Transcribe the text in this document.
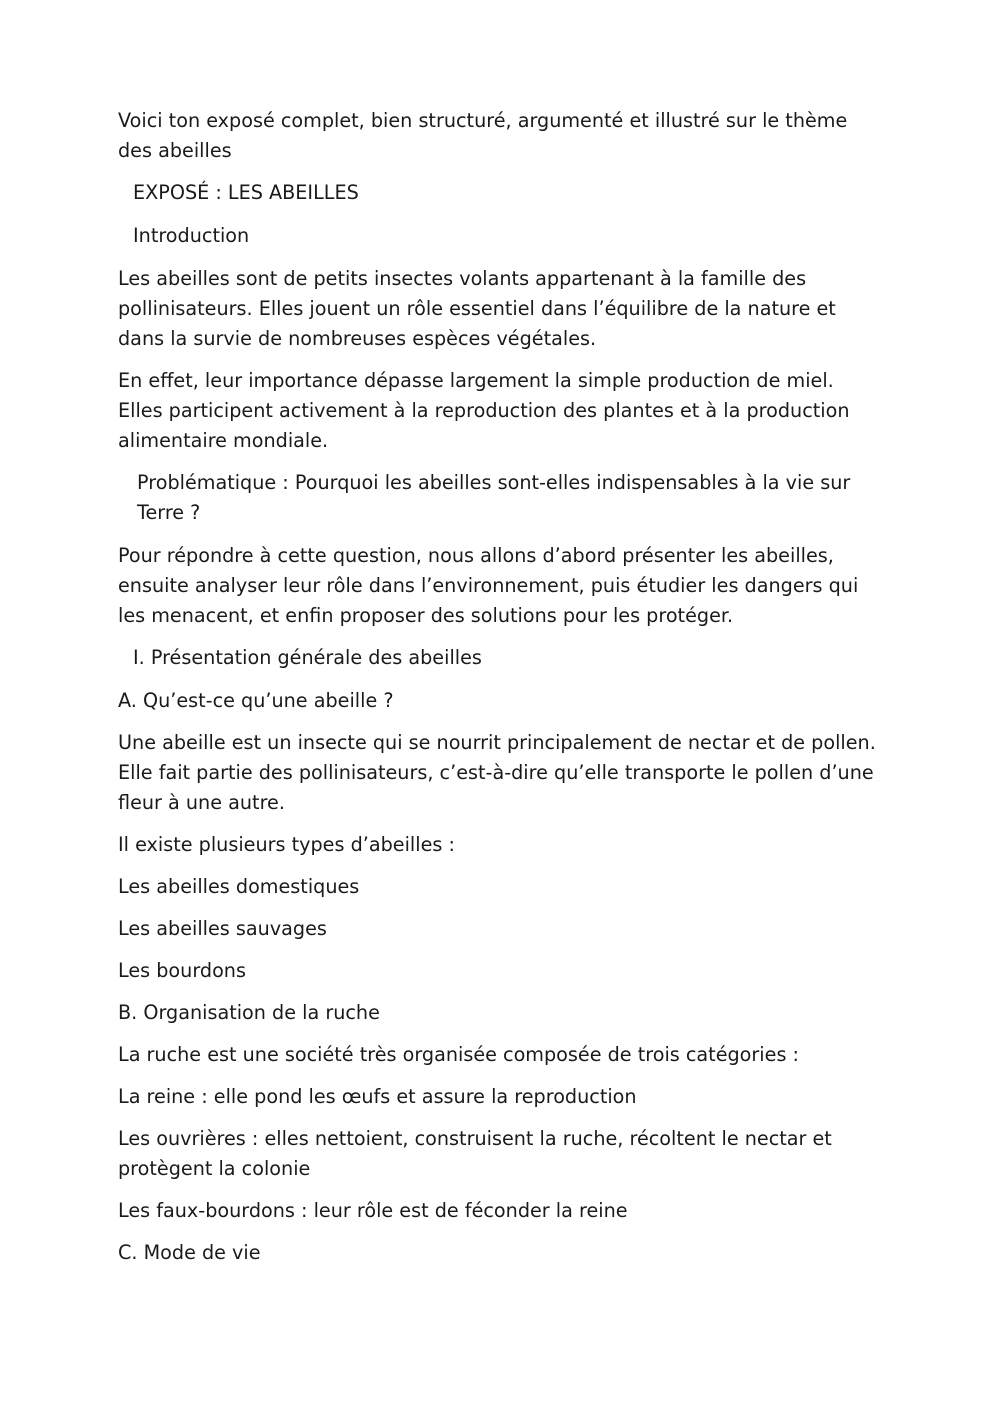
Voici ton exposé complet, bien structuré, argumenté et illustré sur le thème des abeilles

EXPOSÉ : LES ABEILLES

Introduction

Les abeilles sont de petits insectes volants appartenant à la famille des pollinisateurs. Elles jouent un rôle essentiel dans l’équilibre de la nature et dans la survie de nombreuses espèces végétales.

En effet, leur importance dépasse largement la simple production de miel. Elles participent activement à la reproduction des plantes et à la production alimentaire mondiale.

Problématique : Pourquoi les abeilles sont-elles indispensables à la vie sur Terre ?

Pour répondre à cette question, nous allons d’abord présenter les abeilles, ensuite analyser leur rôle dans l’environnement, puis étudier les dangers qui les menacent, et enfin proposer des solutions pour les protéger.

I. Présentation générale des abeilles

A. Qu’est-ce qu’une abeille ?

Une abeille est un insecte qui se nourrit principalement de nectar et de pollen. Elle fait partie des pollinisateurs, c’est-à-dire qu’elle transporte le pollen d’une fleur à une autre.

Il existe plusieurs types d’abeilles :

Les abeilles domestiques

Les abeilles sauvages

Les bourdons

B. Organisation de la ruche

La ruche est une société très organisée composée de trois catégories :

La reine : elle pond les œufs et assure la reproduction

Les ouvrières : elles nettoient, construisent la ruche, récoltent le nectar et protègent la colonie

Les faux-bourdons : leur rôle est de féconder la reine

C. Mode de vie
